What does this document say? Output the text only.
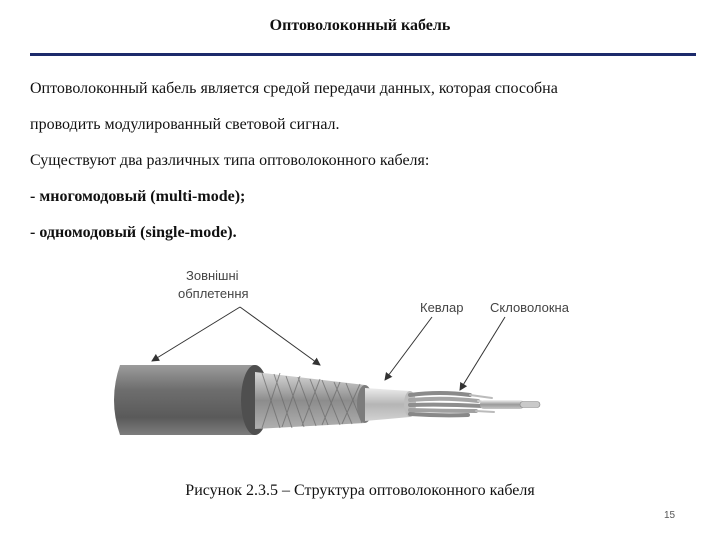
Оптоволоконный кабель
Оптоволоконный кабель является средой передачи данных, которая способна
проводить модулированный световой сигнал.
Существуют два различных типа оптоволоконного кабеля:
- многомодовый (multi-mode);
- одномодовый (single-mode).
Зовнішні
обплетення
Кевлар Скловолокна
Рисунок 2.3.5 – Структура оптоволоконного кабеля
15
